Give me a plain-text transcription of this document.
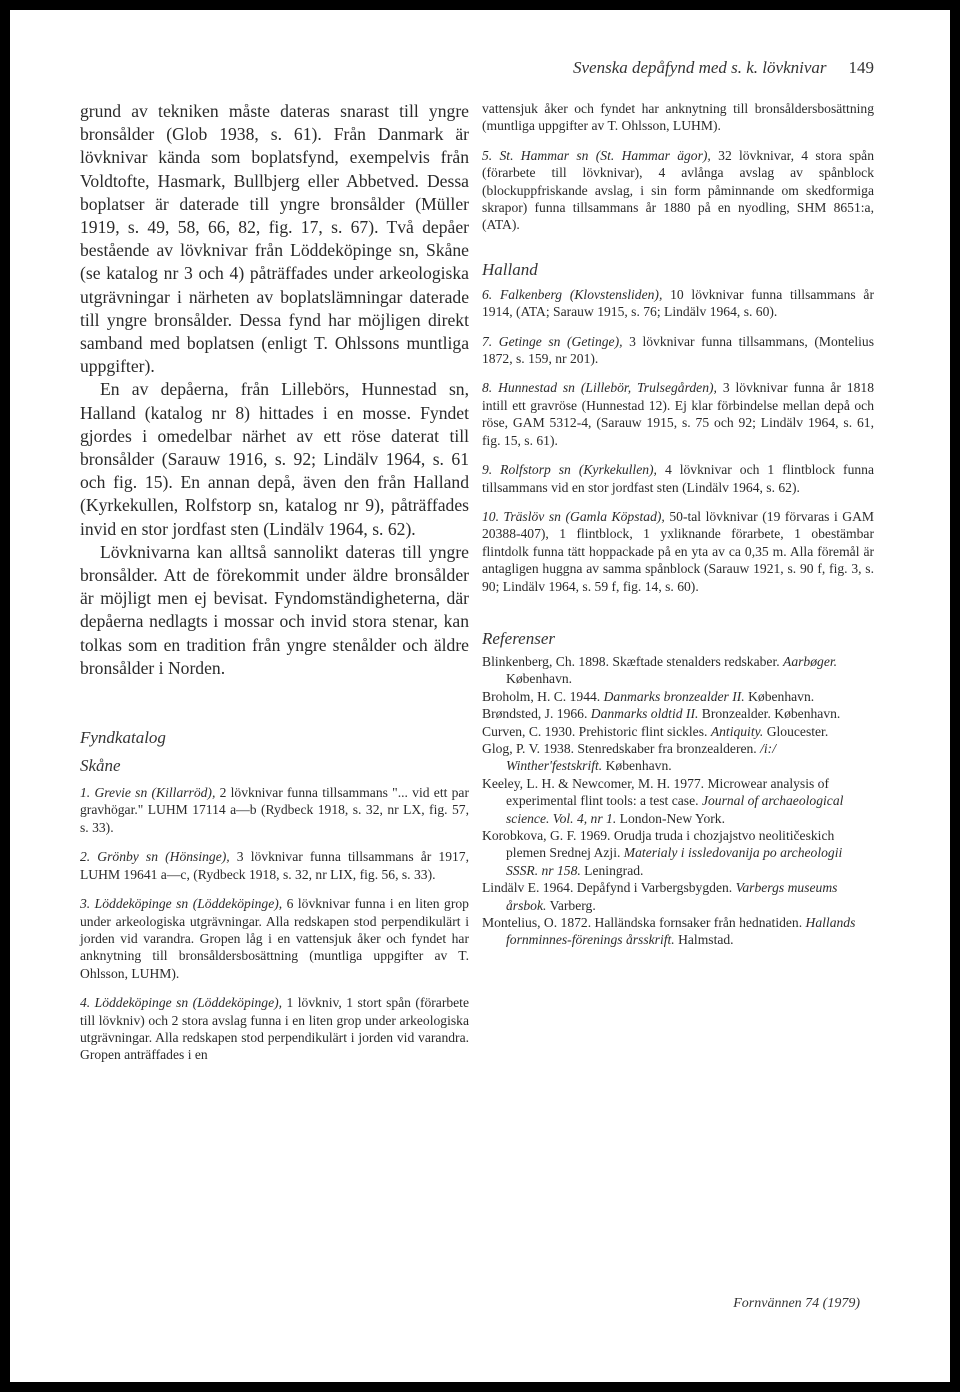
Svenska depåfynd med s. k. lövknivar 149

grund av tekniken måste dateras snarast till yngre bronsålder (Glob 1938, s. 61). Från Danmark är lövknivar kända som boplatsfynd, exempelvis från Voldtofte, Hasmark, Bullbjerg eller Abbetved. Dessa boplatser är daterade till yngre bronsålder (Müller 1919, s. 49, 58, 66, 82, fig. 17, s. 67). Två depåer bestående av lövknivar från Löddeköpinge sn, Skåne (se katalog nr 3 och 4) påträffades under arkeologiska utgrävningar i närheten av boplatslämningar daterade till yngre bronsålder. Dessa fynd har möjligen direkt samband med boplatsen (enligt T. Ohlssons muntliga uppgifter).

En av depåerna, från Lillebörs, Hunnestad sn, Halland (katalog nr 8) hittades i en mosse. Fyndet gjordes i omedelbar närhet av ett röse daterat till bronsålder (Sarauw 1916, s. 92; Lindälv 1964, s. 61 och fig. 15). En annan depå, även den från Halland (Kyrkekullen, Rolfstorp sn, katalog nr 9), påträffades invid en stor jordfast sten (Lindälv 1964, s. 62).

Lövknivarna kan alltså sannolikt dateras till yngre bronsålder. Att de förekommit under äldre bronsålder är möjligt men ej bevisat. Fyndomständigheterna, där depåerna nedlagts i mossar och invid stora stenar, kan tolkas som en tradition från yngre stenålder och äldre bronsålder i Norden.

Fyndkatalog

Skåne

1. Grevie sn (Killarröd), 2 lövknivar funna tillsammans "... vid ett par gravhögar." LUHM 17114 a—b (Rydbeck 1918, s. 32, nr LX, fig. 57, s. 33).

2. Grönby sn (Hönsinge), 3 lövknivar funna tillsammans år 1917, LUHM 19641 a—c, (Rydbeck 1918, s. 32, nr LIX, fig. 56, s. 33).

3. Löddeköpinge sn (Löddeköpinge), 6 lövknivar funna i en liten grop under arkeologiska utgrävningar. Alla redskapen stod perpendikulärt i jorden vid varandra. Gropen låg i en vattensjuk åker och fyndet har anknytning till bronsåldersbosättning (muntliga uppgifter av T. Ohlsson, LUHM).

4. Löddeköpinge sn (Löddeköpinge), 1 lövkniv, 1 stort spån (förarbete till lövkniv) och 2 stora avslag funna i en liten grop under arkeologiska utgrävningar. Alla redskapen stod perpendikulärt i jorden vid varandra. Gropen anträffades i en

vattensjuk åker och fyndet har anknytning till bronsåldersbosättning (muntliga uppgifter av T. Ohlsson, LUHM).

5. St. Hammar sn (St. Hammar ägor), 32 lövknivar, 4 stora spån (förarbete till lövknivar), 4 avlånga avslag av spånblock (blockuppfriskande avslag, i sin form påminnande om skedformiga skrapor) funna tillsammans år 1880 på en nyodling, SHM 8651:a, (ATA).

Halland

6. Falkenberg (Klovstensliden), 10 lövknivar funna tillsammans år 1914, (ATA; Sarauw 1915, s. 76; Lindälv 1964, s. 60).

7. Getinge sn (Getinge), 3 lövknivar funna tillsammans, (Montelius 1872, s. 159, nr 201).

8. Hunnestad sn (Lillebör, Trulsegården), 3 lövknivar funna år 1818 intill ett gravröse (Hunnestad 12). Ej klar förbindelse mellan depå och röse, GAM 5312-4, (Sarauw 1915, s. 75 och 92; Lindälv 1964, s. 61, fig. 15, s. 61).

9. Rolfstorp sn (Kyrkekullen), 4 lövknivar och 1 flintblock funna tillsammans vid en stor jordfast sten (Lindälv 1964, s. 62).

10. Träslöv sn (Gamla Köpstad), 50-tal lövknivar (19 förvaras i GAM 20388-407), 1 flintblock, 1 yxliknande förarbete, 1 obestämbar flintdolk funna tätt hoppackade på en yta av ca 0,35 m. Alla föremål är antagligen huggna av samma spånblock (Sarauw 1921, s. 90 f, fig. 3, s. 90; Lindälv 1964, s. 59 f, fig. 14, s. 60).

Referenser

Blinkenberg, Ch. 1898. Skæftade stenalders redskaber. Aarbøger. København.

Broholm, H. C. 1944. Danmarks bronzealder II. København.

Brøndsted, J. 1966. Danmarks oldtid II. Bronzealder. København.

Curven, C. 1930. Prehistoric flint sickles. Antiquity. Gloucester.

Glog, P. V. 1938. Stenredskaber fra bronzealderen. /i:/ Winther'festskrift. København.

Keeley, L. H. & Newcomer, M. H. 1977. Microwear analysis of experimental flint tools: a test case. Journal of archaeological science. Vol. 4, nr 1. London-New York.

Korobkova, G. F. 1969. Orudja truda i chozjajstvo neolitičeskich plemen Srednej Azji. Materialy i issledovanija po archeologii SSSR. nr 158. Leningrad.

Lindälv E. 1964. Depåfynd i Varbergsbygden. Varbergs museums årsbok. Varberg.

Montelius, O. 1872. Halländska fornsaker från hednatiden. Hallands fornminnes-förenings årsskrift. Halmstad.

Fornvännen 74 (1979)
